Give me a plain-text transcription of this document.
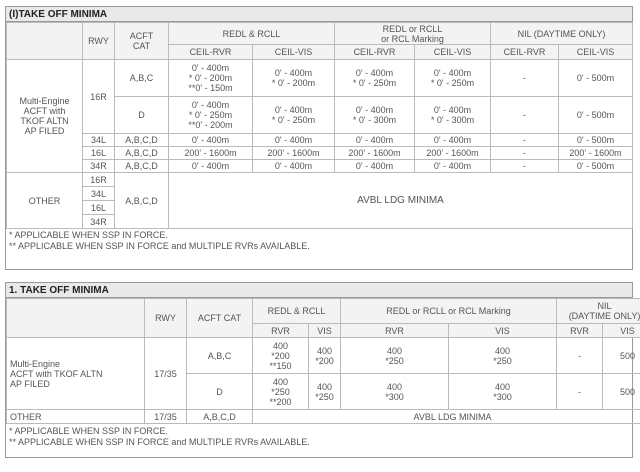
(I)TAKE OFF MINIMA
	RWY	ACFT
CAT	REDL & RCLL		REDL or RCLL
or RCL Marking		NIL (DAYTIME ONLY)	
			CEIL-RVR	CEIL-VIS	CEIL-RVR	CEIL-VIS	CEIL-RVR	CEIL-VIS
Multi-Engine
ACFT with
TKOF ALTN
AP FILED	16R	A,B,C	0' - 400m
* 0' - 200m
**0' - 150m	0' - 400m
* 0' - 200m	0' - 400m
* 0' - 250m	0' - 400m
* 0' - 250m	-	0' - 500m
		D	0' - 400m
* 0' - 250m
**0' - 200m	0' - 400m
* 0' - 250m	0' - 400m
* 0' - 300m	0' - 400m
* 0' - 300m	-	0' - 500m
	34L	A,B,C,D	0' - 400m	0' - 400m	0' - 400m	0' - 400m	-	0' - 500m
	16L	A,B,C,D	200' - 1600m	200' - 1600m	200' - 1600m	200' - 1600m	-	200' - 1600m
	34R	A,B,C,D	0' - 400m	0' - 400m	0' - 400m	0' - 400m	-	0' - 500m
OTHER	16R	A,B,C,D	AVBL LDG MINIMA					
	34L							
	16L							
	34R							
* APPLICABLE WHEN SSP IN FORCE.
** APPLICABLE WHEN SSP IN FORCE and MULTIPLE RVRs AVAILABLE.
1. TAKE OFF MINIMA
	RWY	ACFT CAT	REDL & RCLL		REDL or RCLL or RCL Marking		NIL
(DAYTIME ONLY)	
			RVR	VIS	RVR	VIS	RVR	VIS
Multi-Engine
ACFT with TKOF ALTN
AP FILED	17/35	A,B,C	400
*200
**150	400
*200	400
*250	400
*250	-	500
		D	400
*250
**200	400
*250	400
*300	400
*300	-	500
OTHER	17/35	A,B,C,D	AVBL LDG MINIMA					
* APPLICABLE WHEN SSP IN FORCE.
** APPLICABLE WHEN SSP IN FORCE and MULTIPLE RVRs AVAILABLE.
